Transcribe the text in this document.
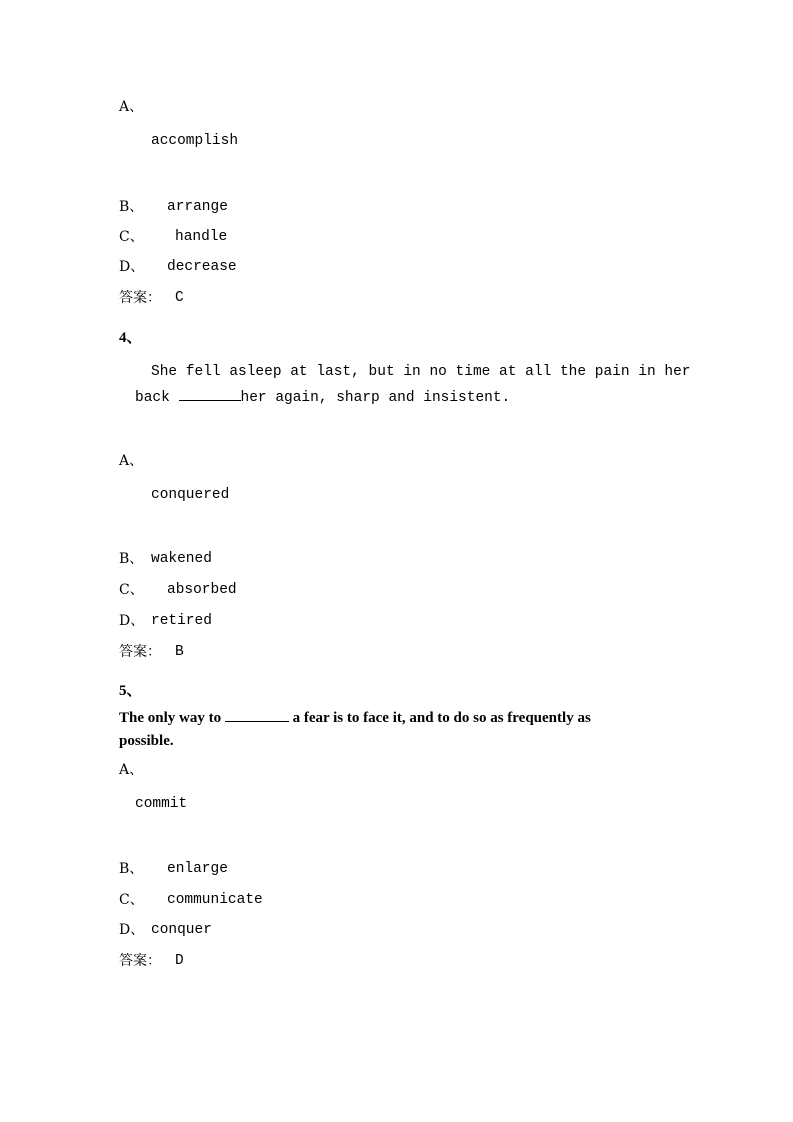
A、
accomplish
B、 arrange
C、 handle
D、 decrease
答案： C
4、
She fell asleep at last, but in no time at all the pain in her
back	her again, sharp and insistent.
A、
conquered
B、 wakened
C、 absorbed
D、 retired
答案： B
5、
The only way to	a fear is to face it, and to do so as frequently as
possible.
A、
commit
B、 enlarge
C、 communicate
D、 conquer
答案： D
